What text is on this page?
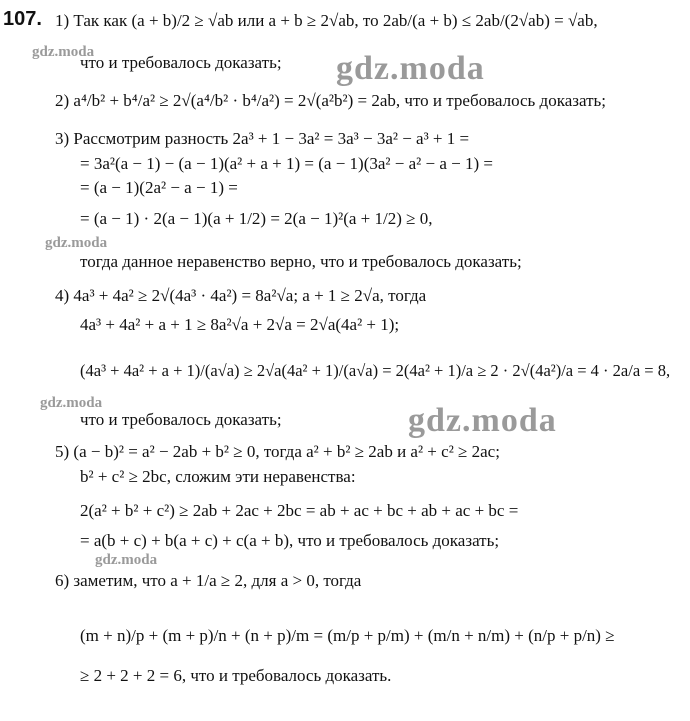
107. 1) Так как (a + b)/2 ≥ √ab или a + b ≥ 2√ab, то 2ab/(a + b) ≤ 2ab/(2√ab) = √ab,
что и требовалось доказать;
2) a⁴/b² + b⁴/a² ≥ 2√(a⁴/b² · b⁴/a²) = 2√(a²b²) = 2ab, что и требовалось доказать;
3) Рассмотрим разность 2a³ + 1 − 3a² = 3a³ − 3a² − a³ + 1 =
= 3a²(a − 1) − (a − 1)(a² + a + 1) = (a − 1)(3a² − a² − a − 1) =
= (a − 1)(2a² − a − 1) =
= (a − 1) · 2(a − 1)(a + 1/2) = 2(a − 1)²(a + 1/2) ≥ 0,
тогда данное неравенство верно, что и требовалось доказать;
4) 4a³ + 4a² ≥ 2√(4a³ · 4a²) = 8a²√a; a + 1 ≥ 2√a, тогда
4a³ + 4a² + a + 1 ≥ 8a²√a + 2√a = 2√a(4a² + 1);
(4a³ + 4a² + a + 1)/(a√a) ≥ 2√a(4a² + 1)/(a√a) = 2(4a² + 1)/a ≥ 2 · 2√(4a²)/a = 4 · 2a/a = 8,
что и требовалось доказать;
5) (a − b)² = a² − 2ab + b² ≥ 0, тогда a² + b² ≥ 2ab и a² + c² ≥ 2ac;
b² + c² ≥ 2bc, сложим эти неравенства:
2(a² + b² + c²) ≥ 2ab + 2ac + 2bc = ab + ac + bc + ab + ac + bc =
= a(b + c) + b(a + c) + c(a + b), что и требовалось доказать;
6) заметим, что a + 1/a ≥ 2, для a > 0, тогда
(m + n)/p + (m + p)/n + (n + p)/m = (m/p + p/m) + (m/n + n/m) + (n/p + p/n) ≥
≥ 2 + 2 + 2 = 6, что и требовалось доказать.
gdz.moda	gdz.moda
gdz.moda
gdz.moda	gdz.moda
gdz.moda
